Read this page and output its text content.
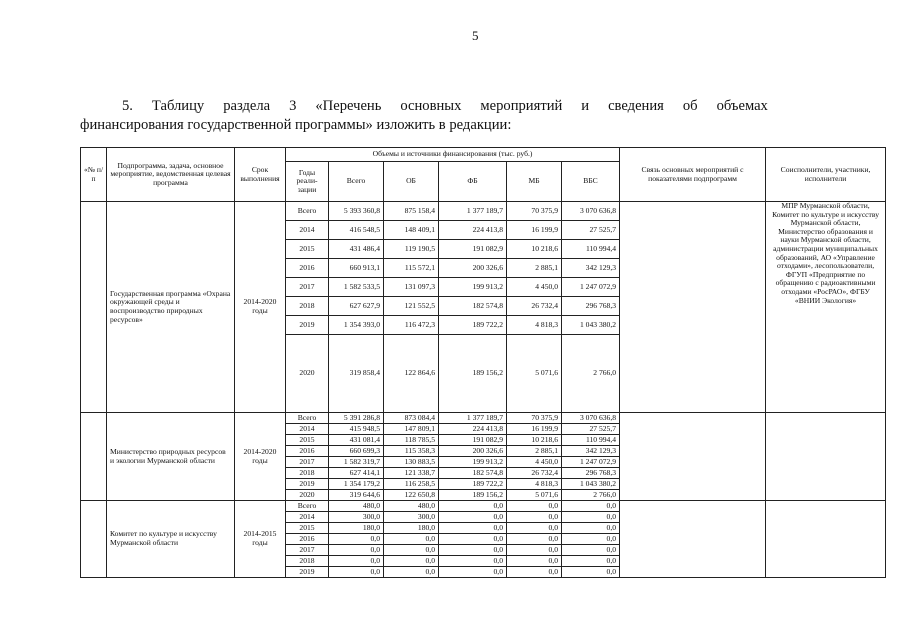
5
5. Таблицу раздела 3 «Перечень основных мероприятий и сведения об объемах
финансирования государственной программы» изложить в редакции:
«№ п/п	Подпрограмма, задача, основное мероприятие, ведомственная целевая программа	Срок выполнения	Объемы и источники финансирования (тыс. руб.)						Связь основных мероприятий с показателями подпрограмм	Соисполнители, участники, исполнители
			Годы реали-зации	Всего	ОБ	ФБ	МБ	ВБС		
	Государственная программа «Охрана окружающей среды и воспроизводство природных ресурсов»	2014-2020 годы	Всего	5 393 360,8	875 158,4	1 377 189,7	70 375,9	3 070 636,8		МПР Мурманской области, Комитет по культуре и искусству Мурманской области, Министерство образования и науки Мурманской области, администрации муниципальных образований, АО «Управление отходами», лесопользователи, ФГУП «Предприятие по обращению с радиоактивными отходами «РосРАО», ФГБУ «ВНИИ Экология»
			2014	416 548,5	148 409,1	224 413,8	16 199,9	27 525,7		
			2015	431 486,4	119 190,5	191 082,9	10 218,6	110 994,4		
			2016	660 913,1	115 572,1	200 326,6	2 885,1	342 129,3		
			2017	1 582 533,5	131 097,3	199 913,2	4 450,0	1 247 072,9		
			2018	627 627,9	121 552,5	182 574,8	26 732,4	296 768,3		
			2019	1 354 393,0	116 472,3	189 722,2	4 818,3	1 043 380,2		
			2020	319 858,4	122 864,6	189 156,2	5 071,6	2 766,0		
	Министерство природных ресурсов и экологии Мурманской области	2014-2020 годы	Всего	5 391 286,8	873 084,4	1 377 189,7	70 375,9	3 070 636,8		
			2014	415 948,5	147 809,1	224 413,8	16 199,9	27 525,7		
			2015	431 081,4	118 785,5	191 082,9	10 218,6	110 994,4		
			2016	660 699,3	115 358,3	200 326,6	2 885,1	342 129,3		
			2017	1 582 319,7	130 883,5	199 913,2	4 450,0	1 247 072,9		
			2018	627 414,1	121 338,7	182 574,8	26 732,4	296 768,3		
			2019	1 354 179,2	116 258,5	189 722,2	4 818,3	1 043 380,2		
			2020	319 644,6	122 650,8	189 156,2	5 071,6	2 766,0		
	Комитет по культуре и искусству Мурманской области	2014-2015 годы	Всего	480,0	480,0	0,0	0,0	0,0		
			2014	300,0	300,0	0,0	0,0	0,0		
			2015	180,0	180,0	0,0	0,0	0,0		
			2016	0,0	0,0	0,0	0,0	0,0		
			2017	0,0	0,0	0,0	0,0	0,0		
			2018	0,0	0,0	0,0	0,0	0,0		
			2019	0,0	0,0	0,0	0,0	0,0		
